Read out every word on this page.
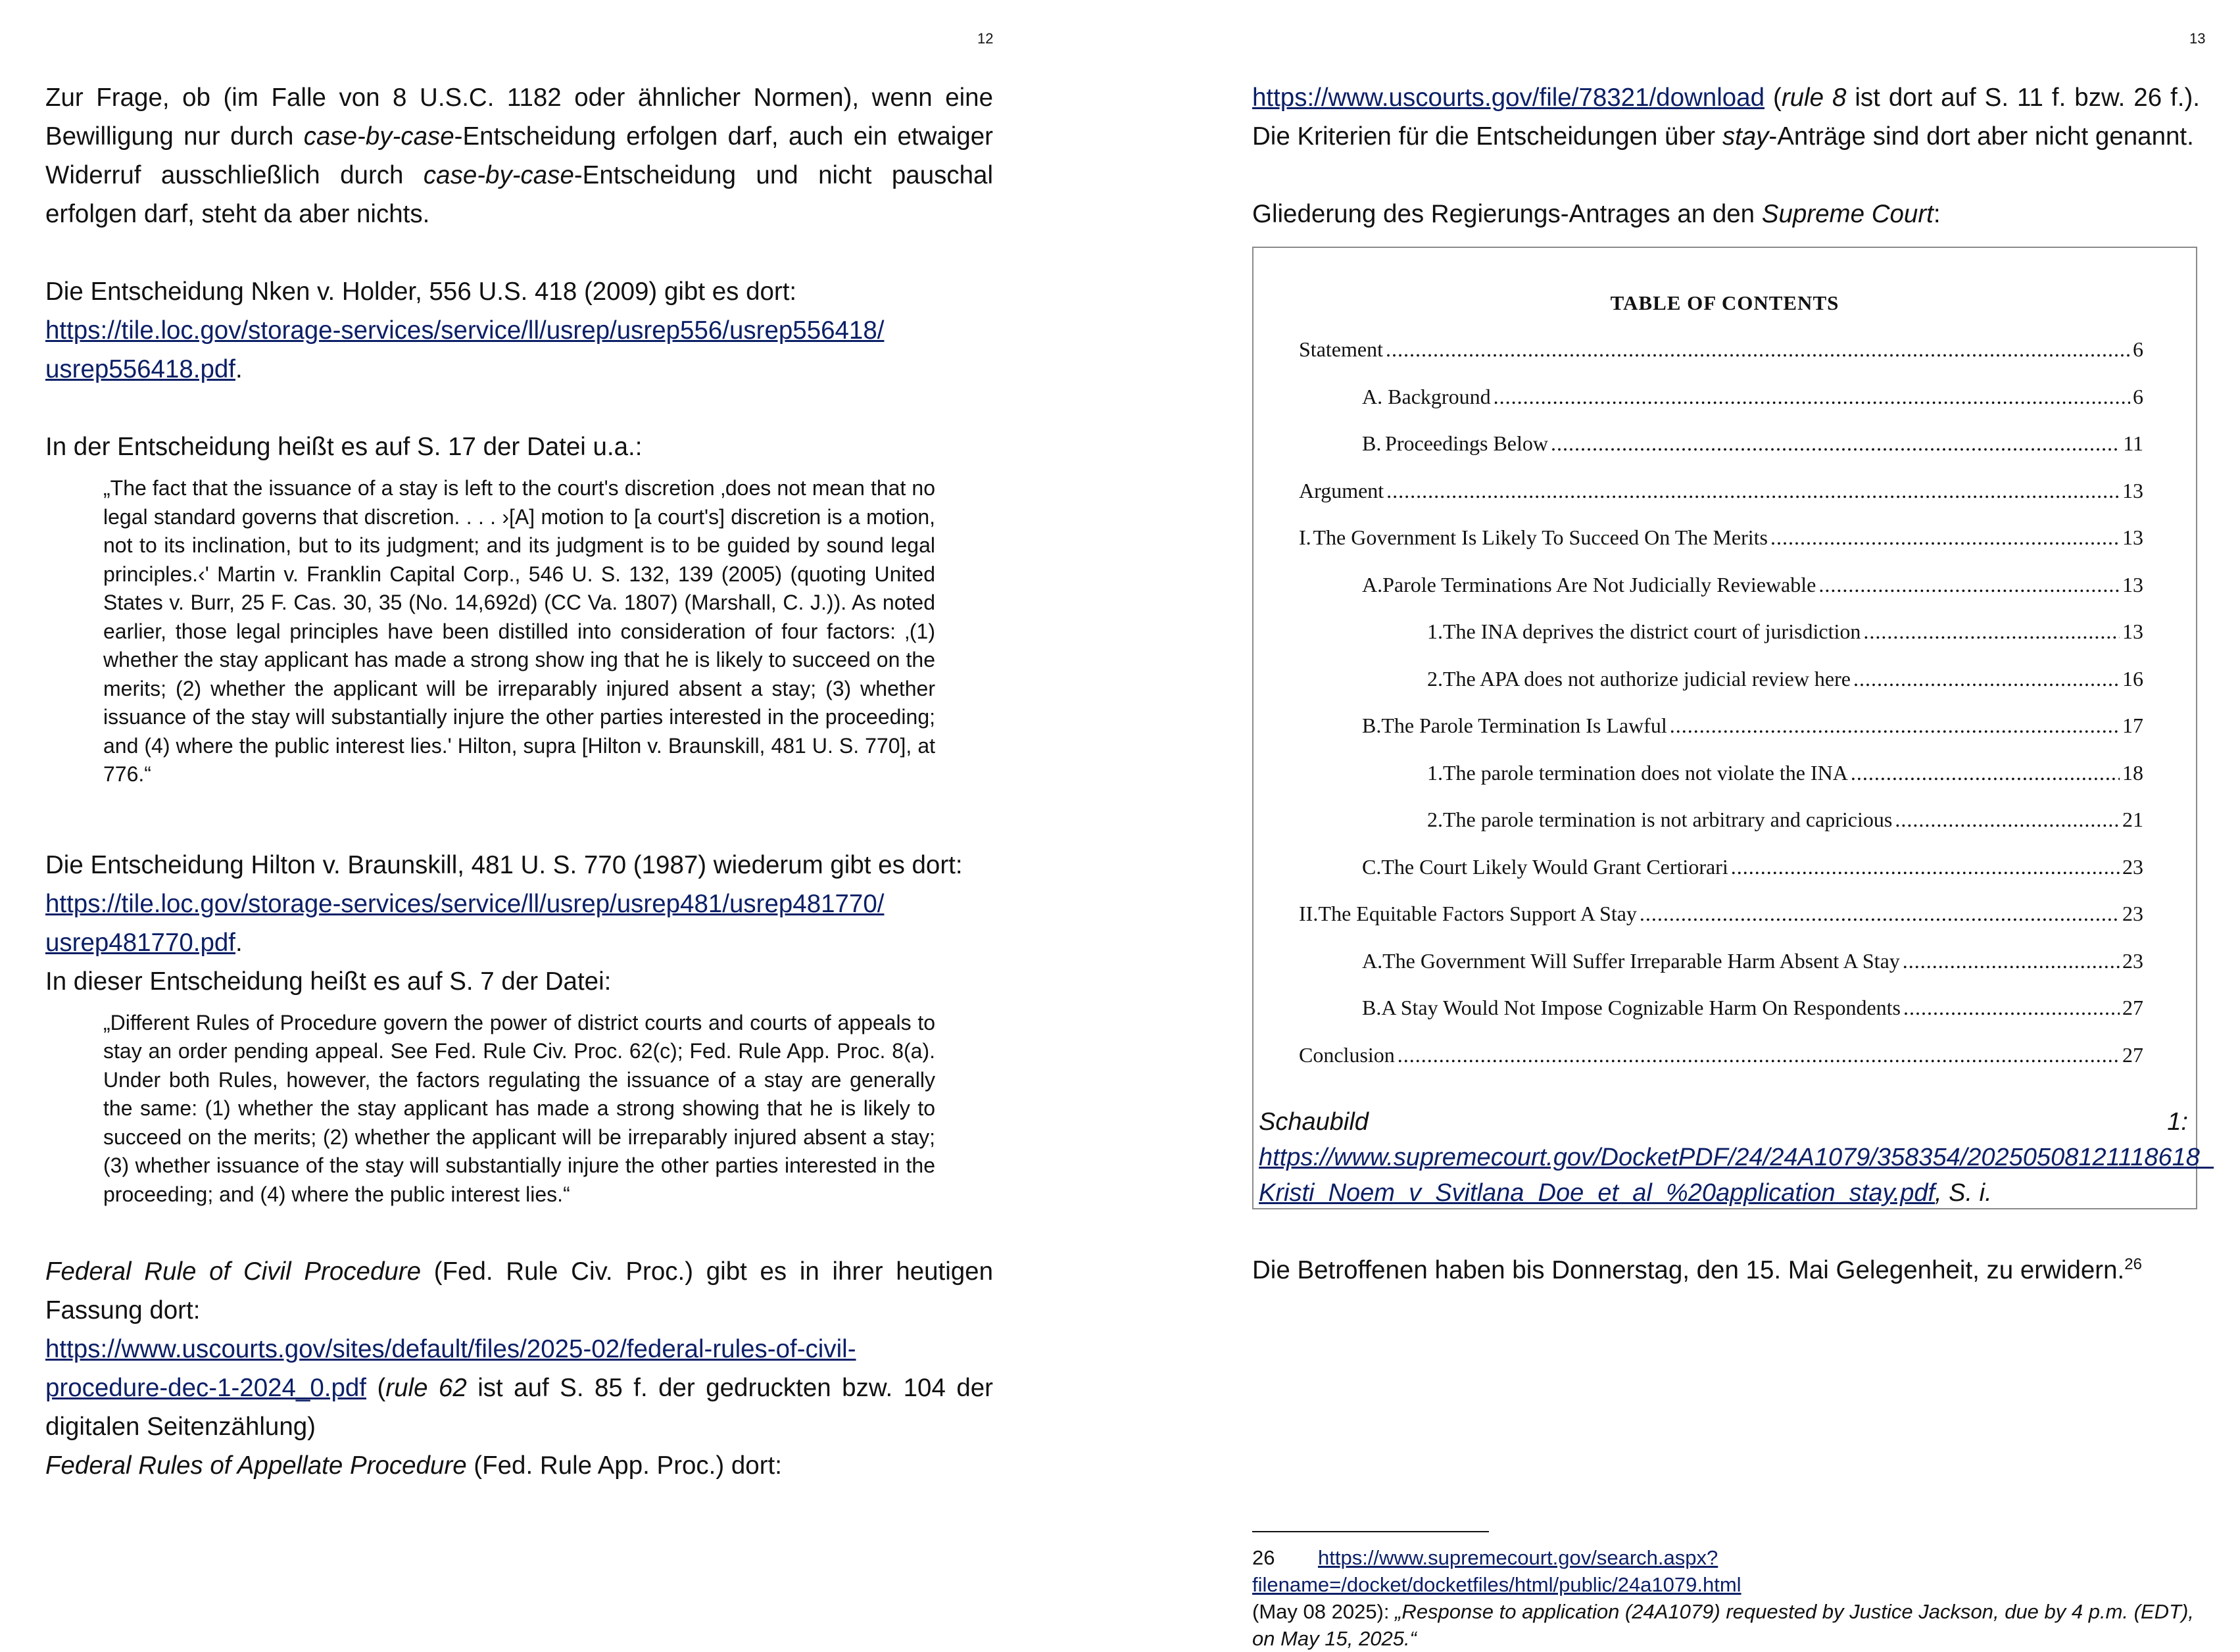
12

Zur Frage, ob (im Falle von 8 U.S.C. 1182 oder ähnlicher Normen), wenn eine Bewilligung nur durch case-by-case-Entscheidung erfolgen darf, auch ein etwaiger Widerruf ausschließlich durch case-by-case-Entscheidung und nicht pauschal erfolgen darf, steht da aber nichts.

Die Entscheidung Nken v. Holder, 556 U.S. 418 (2009) gibt es dort:
https://tile.loc.gov/storage-services/service/ll/usrep/usrep556/usrep556418/
usrep556418.pdf.

In der Entscheidung heißt es auf S. 17 der Datei u.a.:

„The fact that the issuance of a stay is left to the court's discretion ‚does not mean that no legal standard governs that discretion. . . . ›[A] motion to [a court's] discretion is a motion, not to its inclination, but to its judgment; and its judgment is to be guided by sound legal principles.‹' Martin v. Franklin Capital Corp., 546 U. S. 132, 139 (2005) (quoting United States v. Burr, 25 F. Cas. 30, 35 (No. 14,692d) (CC Va. 1807) (Marshall, C. J.)). As noted earlier, those legal principles have been distilled into consideration of four factors: ‚(1) whether the stay applicant has made a strong show ing that he is likely to succeed on the merits; (2) whether the applicant will be irreparably injured absent a stay; (3) whether issuance of the stay will substantially injure the other parties interested in the proceeding; and (4) where the public interest lies.' Hilton, supra [Hilton v. Braunskill, 481 U. S. 770], at 776.“

Die Entscheidung Hilton v. Braunskill, 481 U. S. 770 (1987) wiederum gibt es dort:
https://tile.loc.gov/storage-services/service/ll/usrep/usrep481/usrep481770/
usrep481770.pdf.

In dieser Entscheidung heißt es auf S. 7 der Datei:

„Different Rules of Procedure govern the power of district courts and courts of appeals to stay an order pending appeal. See Fed. Rule Civ. Proc. 62(c); Fed. Rule App. Proc. 8(a). Under both Rules, however, the factors regulating the issuance of a stay are generally the same: (1) whether the stay applicant has made a strong showing that he is likely to succeed on the merits; (2) whether the applicant will be irreparably injured absent a stay; (3) whether issuance of the stay will substantially injure the other parties interested in the proceeding; and (4) where the public interest lies.“

Federal Rule of Civil Procedure (Fed. Rule Civ. Proc.) gibt es in ihrer heutigen Fassung dort:
https://www.uscourts.gov/sites/default/files/2025-02/federal-rules-of-civil-
procedure-dec-1-2024_0.pdf (rule 62 ist auf S. 85 f. der gedruckten bzw. 104 der digitalen Seitenzählung)

Federal Rules of Appellate Procedure (Fed. Rule App. Proc.) dort:

13

https://www.uscourts.gov/file/78321/download (rule 8 ist dort auf S. 11 f. bzw. 26 f.). Die Kriterien für die Entscheidungen über stay-Anträge sind dort aber nicht genannt.

Gliederung des Regierungs-Antrages an den Supreme Court:

TABLE OF CONTENTS
Statement .....	6
A. Background .....	6
B. Proceedings Below .....	11
Argument .....	13
I. The Government Is Likely To Succeed On The Merits .....	13
A. Parole Terminations Are Not Judicially Reviewable .....	13
1. The INA deprives the district court of jurisdiction .....	13
2. The APA does not authorize judicial review here .....	16
B. The Parole Termination Is Lawful .....	17
1. The parole termination does not violate the INA .....	18
2. The parole termination is not arbitrary and capricious .....	21
C. The Court Likely Would Grant Certiorari .....	23
II. The Equitable Factors Support A Stay .....	23
A. The Government Will Suffer Irreparable Harm Absent A Stay .....	23
B. A Stay Would Not Impose Cognizable Harm On Respondents .....	27
Conclusion .....	27
Schaubild	1:
https://www.supremecourt.gov/DocketPDF/24/24A1079/358354/20250508121118618_
Kristi_Noem_v_Svitlana_Doe_et_al_%20application_stay.pdf, S. i.

Die Betroffenen haben bis Donnerstag, den 15. Mai Gelegenheit, zu erwidern.$^{26}$

26 https://www.supremecourt.gov/search.aspx?filename=/docket/docketfiles/html/public/24a1079.html
(May 08 2025): „Response to application (24A1079) requested by Justice Jackson, due by 4 p.m. (EDT), on May 15, 2025.“
